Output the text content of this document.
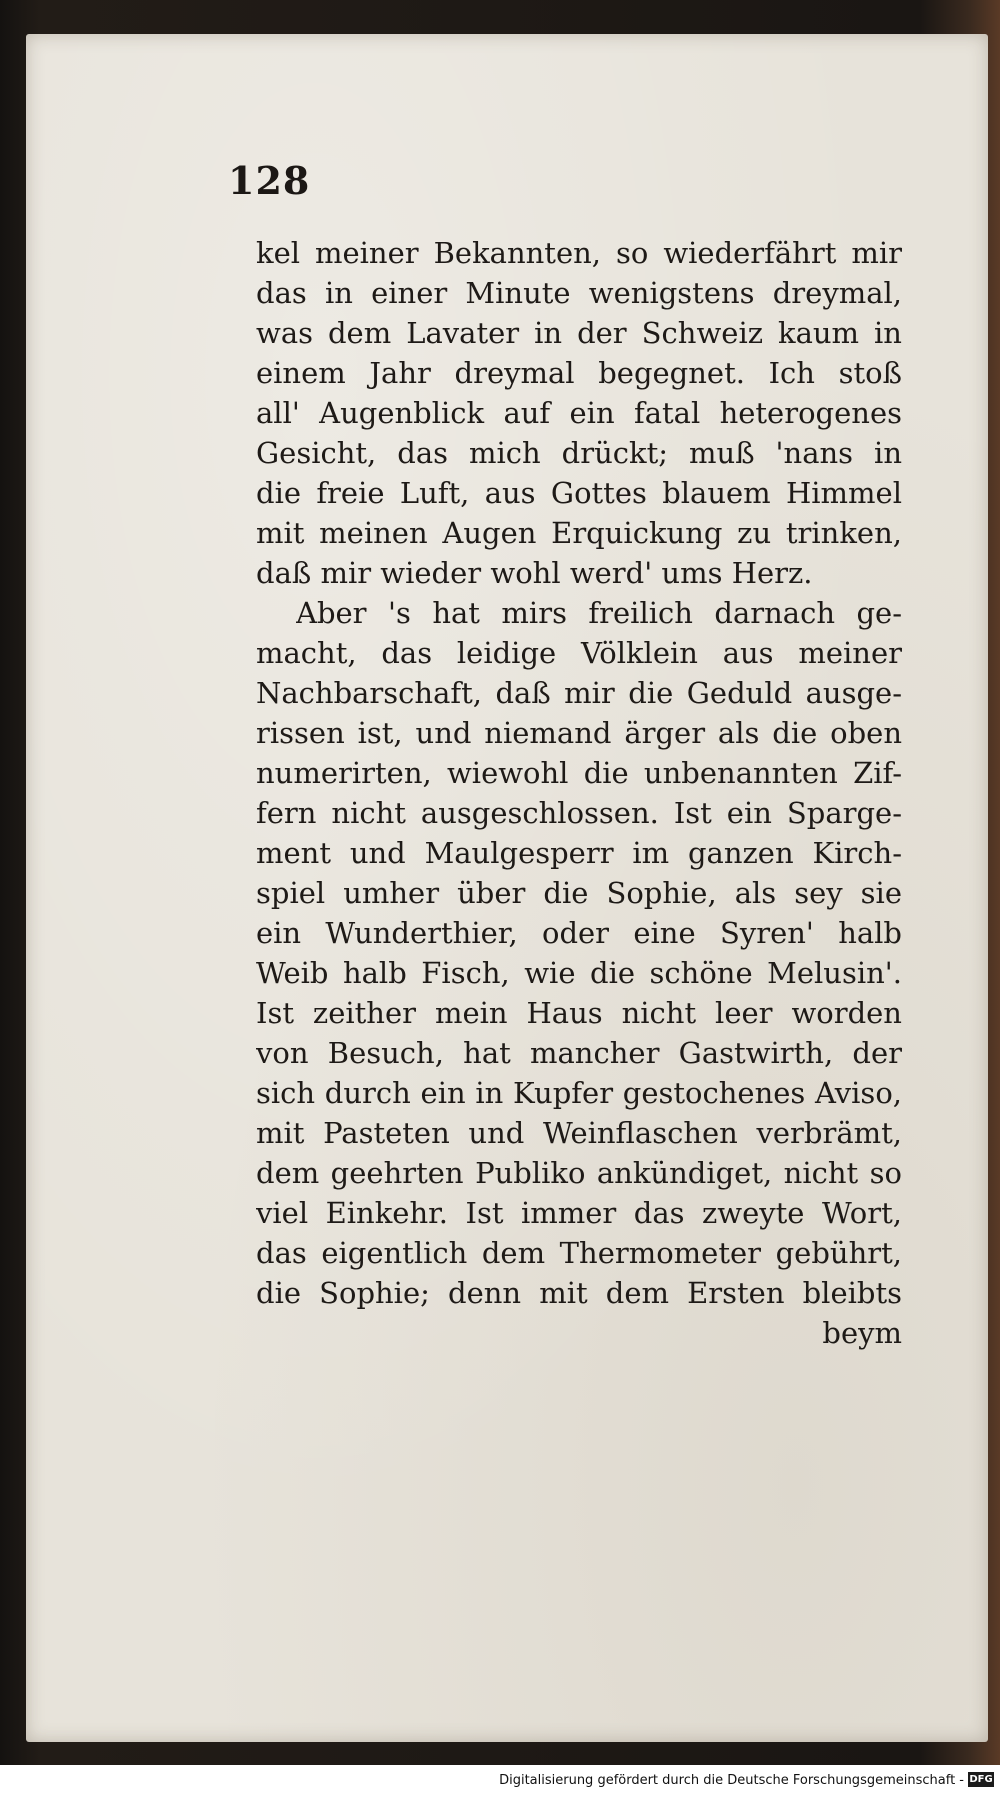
128
kel meiner Bekannten, so wiederfährt mir
das in einer Minute wenigstens dreymal,
was dem Lavater in der Schweiz kaum in
einem Jahr dreymal begegnet. Ich stoß
all' Augenblick auf ein fatal heterogenes
Gesicht, das mich drückt; muß 'nans in
die freie Luft, aus Gottes blauem Himmel
mit meinen Augen Erquickung zu trinken,
daß mir wieder wohl werd' ums Herz.
Aber 's hat mirs freilich darnach ge-
macht, das leidige Völklein aus meiner
Nachbarschaft, daß mir die Geduld ausge-
rissen ist, und niemand ärger als die oben
numerirten, wiewohl die unbenannten Zif-
fern nicht ausgeschlossen. Ist ein Sparge-
ment und Maulgesperr im ganzen Kirch-
spiel umher über die Sophie, als sey sie
ein Wunderthier, oder eine Syren' halb
Weib halb Fisch, wie die schöne Melusin'.
Ist zeither mein Haus nicht leer worden
von Besuch, hat mancher Gastwirth, der
sich durch ein in Kupfer gestochenes Aviso,
mit Pasteten und Weinflaschen verbrämt,
dem geehrten Publiko ankündiget, nicht so
viel Einkehr. Ist immer das zweyte Wort,
das eigentlich dem Thermometer gebührt,
die Sophie; denn mit dem Ersten bleibts
beym
Digitalisierung gefördert durch die Deutsche Forschungsgemeinschaft - DFG
